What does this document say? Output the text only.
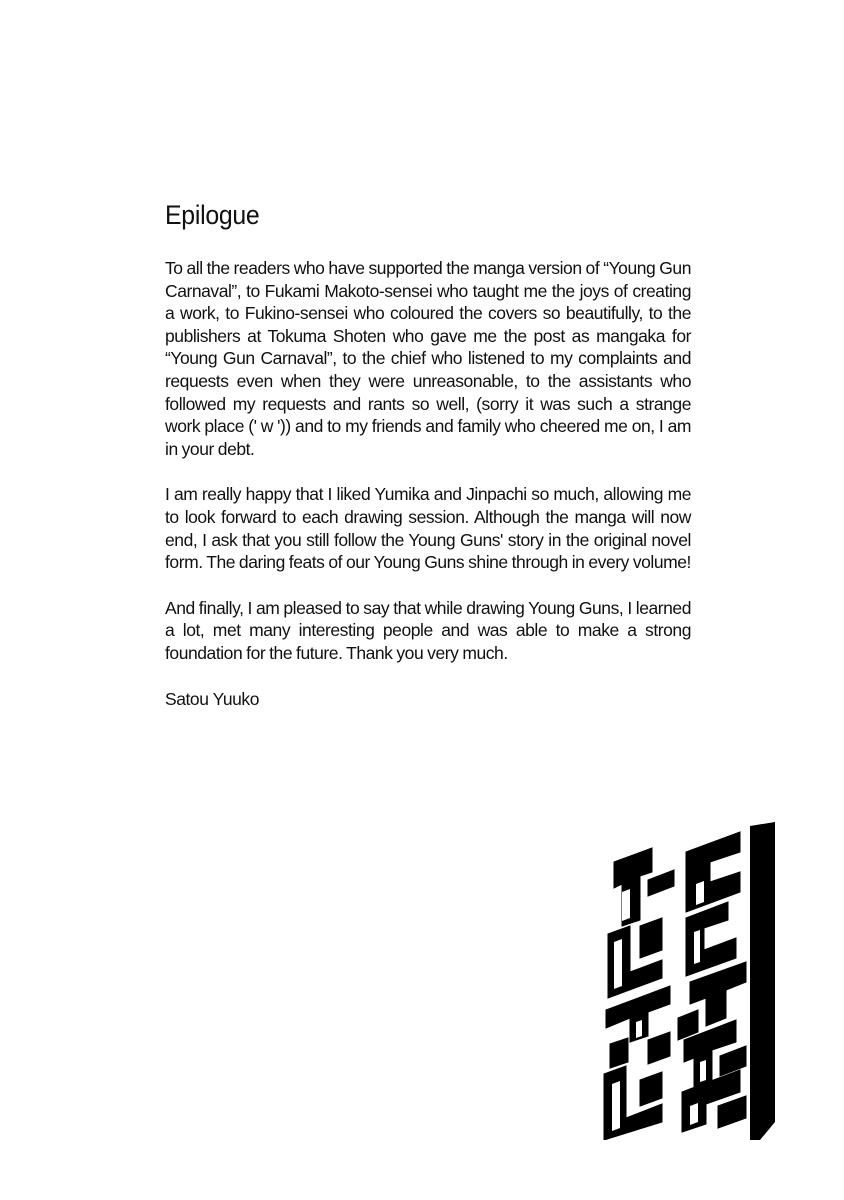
Epilogue

To all the readers who have supported the manga version of “Young Gun Carnaval”, to Fukami Makoto-sensei who taught me the joys of creating a work, to Fukino-sensei who coloured the covers so beautifully, to the publishers at Tokuma Shoten who gave me the post as mangaka for “Young Gun Carnaval”, to the chief who listened to my complaints and requests even when they were unreasonable, to the assistants who followed my requests and rants so well, (sorry it was such a strange work place (' w ')) and to my friends and family who cheered me on, I am in your debt.

I am really happy that I liked Yumika and Jinpachi so much, allowing me to look forward to each drawing session. Although the manga will now end, I ask that you still follow the Young Guns' story in the original novel form. The daring feats of our Young Guns shine through in every volume!

And finally, I am pleased to say that while drawing Young Guns, I learned a lot, met many interesting people and was able to make a strong foundation for the future. Thank you very much.

Satou Yuuko

Young Gun Carnaval
